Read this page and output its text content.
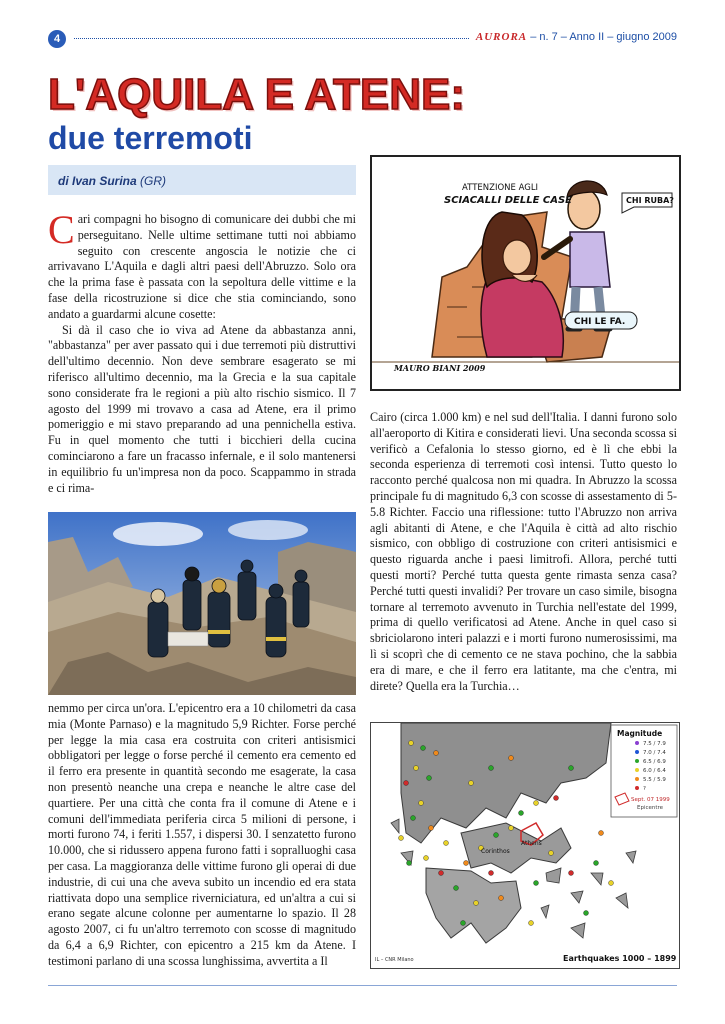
4	AURORA – n. 7 – Anno II – giugno 2009
L'AQUILA E ATENE:
due terremoti
di Ivan Surina (GR)	ATTENZIONE AGLI
SCIACALLI DELLE CASE	CHI RUBA?
CHI LE FA.
MAURO BIANI 2009

Cari compagni ho bisogno di comunicare dei dubbi che mi perseguitano. Nelle ultime settimane tutti noi abbiamo seguito con crescente angoscia le notizie che ci arrivavano L'Aquila e dagli altri paesi dell'Abruzzo. Solo ora che la prima fase è passata con la sepoltura delle vittime e la fase della ricostruzione si dice che stia cominciando, sono andato a guardarmi alcune cosette:

Si dà il caso che io viva ad Atene da abbastanza anni, "abbastanza" per aver passato qui i due terremoti più distruttivi dell'ultimo decennio. Non deve sembrare esagerato se mi riferisco all'ultimo decennio, ma la Grecia e la sua capitale sono considerate fra le regioni a più alto rischio sismico. Il 7 agosto del 1999 mi trovavo a casa ad Atene, era il primo pomeriggio e mi stavo preparando ad una pennichella estiva. Fu in quel momento che tutti i bicchieri della cucina cominciarono a fare un fracasso infernale, e il solo mantenersi in equilibrio fu un'impresa non da poco. Scappammo in strada e ci rima-

nemmo per circa un'ora. L'epicentro era a 10 chilometri da casa mia (Monte Parnaso) e la magnitudo 5,9 Richter. Forse perché per legge la mia casa era costruita con criteri antisismici obbligatori per legge o forse perché il cemento era cemento ed il ferro era presente in quantità secondo me esagerate, la casa non presentò neanche una crepa e neanche le altre case del quartiere. Per una città che conta fra il comune di Atene e i comuni dell'immediata periferia circa 5 milioni di persone, i morti furono 74, i feriti 1.557, i dispersi 30. I senzatetto furono 10.000, che si ridussero appena furono fatti i sopralluoghi casa per casa. La maggioranza delle vittime furono gli operai di due industrie, di cui una che aveva subito un incendio ed era stata riattivata dopo una semplice riverniciatura, ed un'altra a cui si erano segate alcune colonne per aumentarne lo spazio. Il 28 agosto 2007, ci fu un'altro terremoto con scosse di magnitudo da 6,4 a 6,9 Richter, con epicentro a 215 km da Atene. I testimoni parlano di una scossa lunghissima, avvertita a Il

Cairo (circa 1.000 km) e nel sud dell'Italia. I danni furono solo all'aeroporto di Kitira e considerati lievi. Una seconda scossa si verificò a Cefalonia lo stesso giorno, ed è lì che ebbi la seconda esperienza di terremoti così intensi. Tutto questo lo racconto perché qualcosa non mi quadra. In Abruzzo la scossa principale fu di magnitudo 6,3 con scosse di assestamento di 5-5.8 Richter. Faccio una riflessione: tutto l'Abruzzo non arriva agli abitanti di Atene, e che l'Aquila è città ad alto rischio sismico, con obbligo di costruzione con criteri antisismici e questo riguarda anche i paesi limitrofi. Allora, perché tutti questi morti? Perché tutta questa gente rimasta senza casa? Perché tutti questi invalidi? Per trovare un caso simile, bisogna tornare al terremoto avvenuto in Turchia nell'estate del 1999, prima di quello verificatosi ad Atene. Anche in quel caso si sbriciolarono interi palazzi e i morti furono numerosissimi, ma lì si scoprì che di cemento ce ne stava pochino, che la sabbia era di mare, e che il ferro era latitante, ma che c'entra, mi direte? Quella era la Turchia…

Magnitude
7.5 / 7.9
7.0 / 7.4
6.5 / 6.9
6.0 / 6.4
5.5 / 5.9
?
Sept. 07 1999
Epicentre
Corinthos
Athens
IL – CNR Milano	Earthquakes 1000 – 1899
